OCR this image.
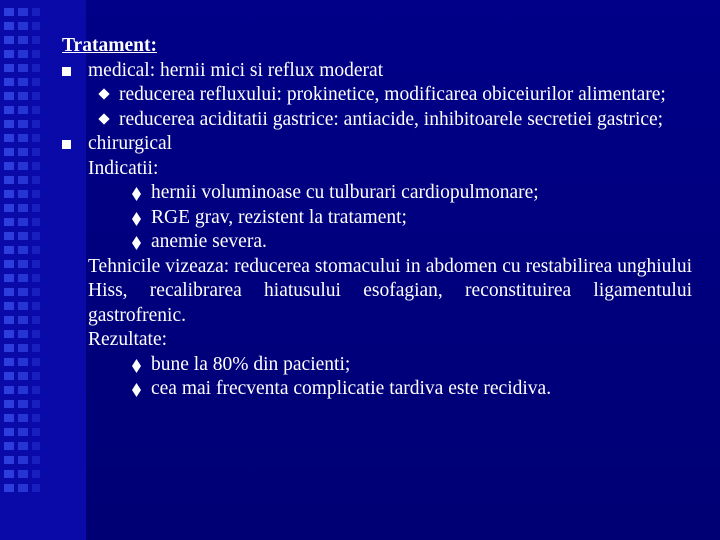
Tratament:
medical: hernii mici si reflux moderat
reducerea refluxului: prokinetice, modificarea obiceiurilor alimentare;
reducerea aciditatii gastrice: antiacide, inhibitoarele secretiei gastrice;
chirurgical
Indicatii:
hernii voluminoase cu tulburari cardiopulmonare;
RGE grav, rezistent la tratament;
anemie severa.
Tehnicile vizeaza: reducerea stomacului in abdomen cu restabilirea unghiului Hiss, recalibrarea hiatusului esofagian, reconstituirea ligamentului gastrofrenic.
Rezultate:
bune la 80% din pacienti;
cea mai frecventa complicatie tardiva este recidiva.
